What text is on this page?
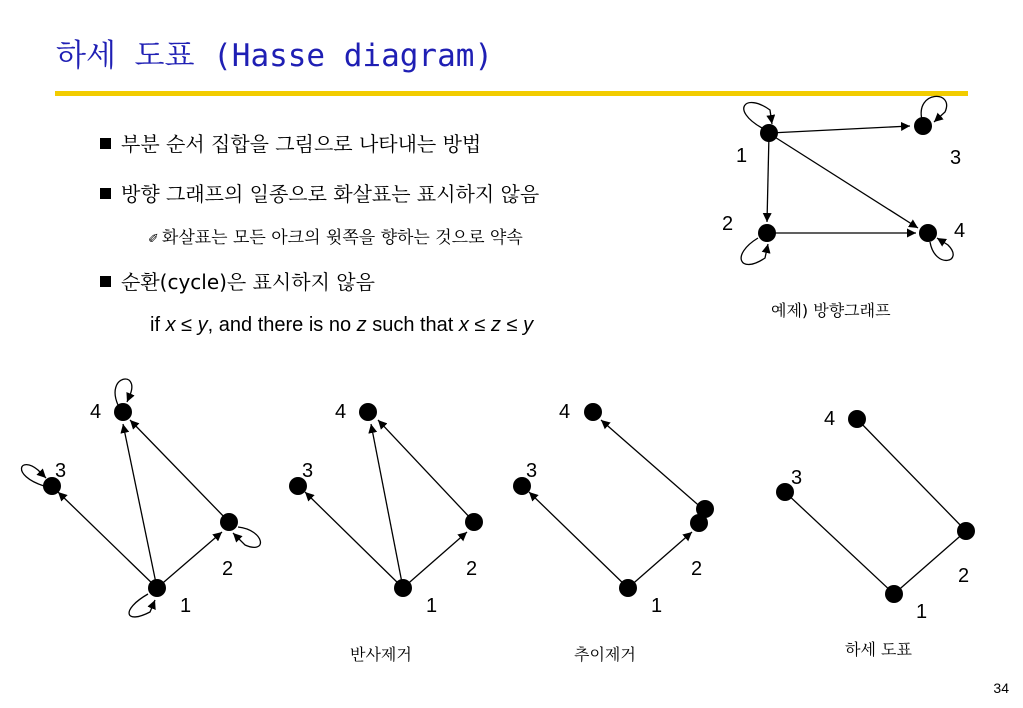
하세 도표 (Hasse diagram)
부분 순서 집합을 그림으로 나타내는 방법
방향 그래프의 일종으로 화살표는 표시하지 않음
✐ 화살표는 모든 아크의 윗쪽을 향하는 것으로 약속
순환(cycle)은 표시하지 않음
if x ≤ y, and there is no z such that x ≤ z ≤ y
1	3
2	4
4
3
2
1
4
3
2
1
4
3
2
1
4
3
2
1
예제) 방향그래프
반사제거	추이제거	하세 도표
34
